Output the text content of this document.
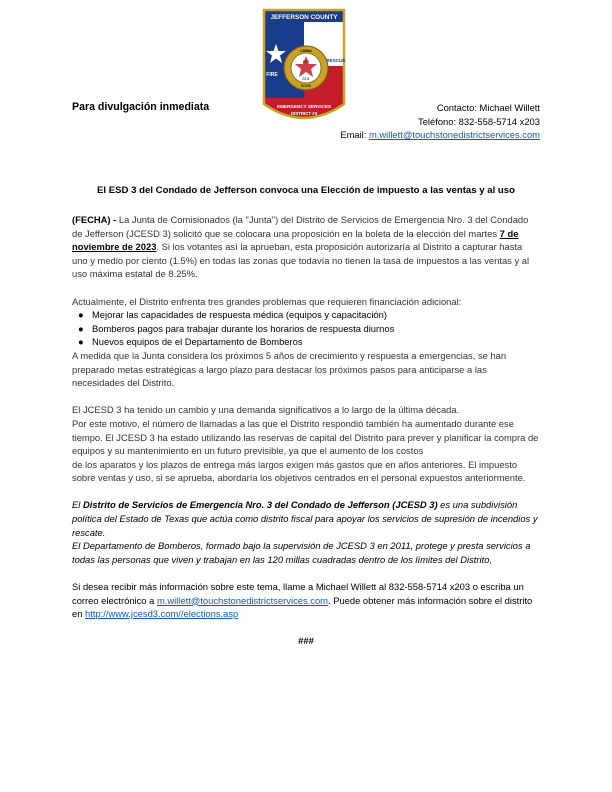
JEFFERSON COUNTY
FIRE
RESCUE
CHINA
EST
2011
NOME
EMERGENCY SERVICES
DISTRICT #3
Para divulgación inmediata	Contacto: Michael Willett
Teléfono: 832-558-5714 x203
Email: m.willett@touchstonedistrictservices.com
El ESD 3 del Condado de Jefferson convoca una Elección de impuesto a las ventas y al uso

(FECHA) - La Junta de Comisionados (la "Junta") del Distrito de Servicios de Emergencia Nro. 3 del Condado de Jefferson (JCESD 3) solicitó que se colocara una proposición en la boleta de la elección del martes 7 de noviembre de 2023. Si los votantes así la aprueban, esta proposición autorizaría al Distrito a capturar hasta uno y medio por ciento (1.5%) en todas las zonas que todavía no tienen la tasa de impuestos a las ventas y al uso máxima estatal de 8.25%.

Actualmente, el Distrito enfrenta tres grandes problemas que requieren financiación adicional:

● Mejorar las capacidades de respuesta médica (equipos y capacitación)
● Bomberos pagos para trabajar durante los horarios de respuesta diurnos
● Nuevos equipos de el Departamento de Bomberos

A medida que la Junta considera los próximos 5 años de crecimiento y respuesta a emergencias, se han preparado metas estratégicas a largo plazo para destacar los próximos pasos para anticiparse a las necesidades del Distrito.

El JCESD 3 ha tenido un cambio y una demanda significativos a lo largo de la última década.

Por este motivo, el número de llamadas a las que el Distrito respondió también ha aumentado durante ese tiempo. El JCESD 3 ha estado utilizando las reservas de capital del Distrito para prever y planificar la compra de equipos y su mantenimiento en un futuro previsible, ya que el aumento de los costos

de los aparatos y los plazos de entrega más largos exigen más gastos que en años anteriores. El impuesto sobre ventas y uso, si se aprueba, abordaría los objetivos centrados en el personal expuestos anteriormente.

El Distrito de Servicios de Emergencia Nro. 3 del Condado de Jefferson (JCESD 3) es una subdivisión política del Estado de Texas que actúa como distrito fiscal para apoyar los servicios de supresión de incendios y rescate.

El Departamento de Bomberos, formado bajo la supervisión de JCESD 3 en 2011, protege y presta servicios a todas las personas que viven y trabajan en las 120 millas cuadradas dentro de los límites del Distrito,

Si desea recibir más información sobre este tema, llame a Michael Willett al 832-558-5714 x203 o escriba un correo electrónico a m.willett@touchstonedistrictservices.com. Puede obtener más información sobre el distrito en http://www.jcesd3.com//elections.asp

###
